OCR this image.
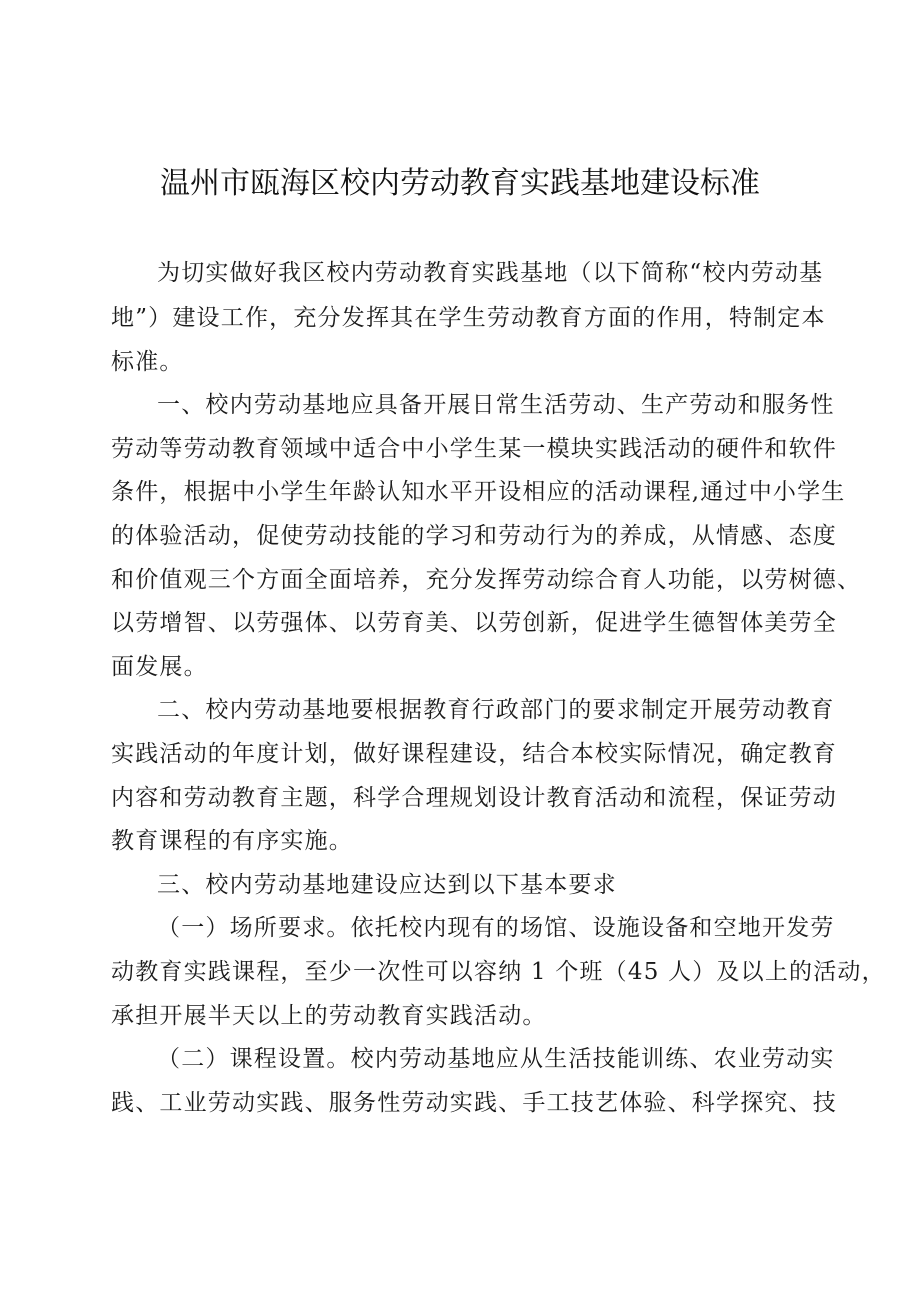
温州市瓯海区校内劳动教育实践基地建设标准
为切实做好我区校内劳动教育实践基地（以下简称“校内劳动基
地”）建设工作，充分发挥其在学生劳动教育方面的作用，特制定本
标准。
一、校内劳动基地应具备开展日常生活劳动、生产劳动和服务性
劳动等劳动教育领域中适合中小学生某一模块实践活动的硬件和软件
条件，根据中小学生年龄认知水平开设相应的活动课程,通过中小学生
的体验活动，促使劳动技能的学习和劳动行为的养成，从情感、态度
和价值观三个方面全面培养，充分发挥劳动综合育人功能，以劳树德、
以劳增智、以劳强体、以劳育美、以劳创新，促进学生德智体美劳全
面发展。
二、校内劳动基地要根据教育行政部门的要求制定开展劳动教育
实践活动的年度计划，做好课程建设，结合本校实际情况，确定教育
内容和劳动教育主题，科学合理规划设计教育活动和流程，保证劳动
教育课程的有序实施。
三、校内劳动基地建设应达到以下基本要求
（一）场所要求。依托校内现有的场馆、设施设备和空地开发劳
动教育实践课程，至少一次性可以容纳 1 个班（45 人）及以上的活动，
承担开展半天以上的劳动教育实践活动。
（二）课程设置。校内劳动基地应从生活技能训练、农业劳动实
践、工业劳动实践、服务性劳动实践、手工技艺体验、科学探究、技
